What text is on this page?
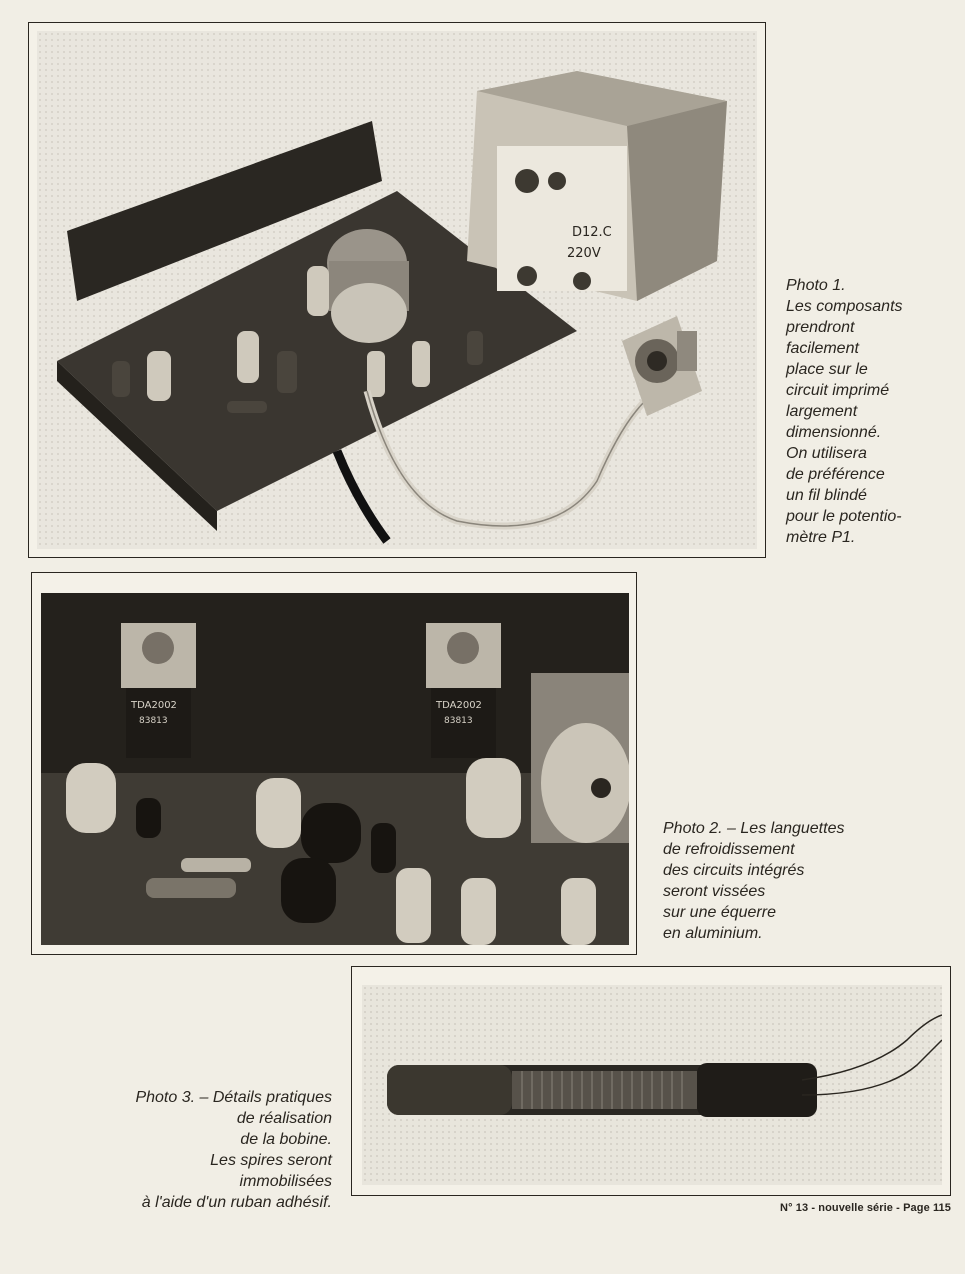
D12.C
220V
Photo 1.
Les composants
prendront
facilement
place sur le
circuit imprimé
largement
dimensionné.
On utilisera
de préférence
un fil blindé
pour le potentio-
mètre P1.
TDA2002
83813
TDA2002
83813
Photo 2. – Les languettes
de refroidissement
des circuits intégrés
seront vissées
sur une équerre
en aluminium.
Photo 3. – Détails pratiques
de réalisation
de la bobine.
Les spires seront
immobilisées
à l'aide d'un ruban adhésif.	N° 13 - nouvelle série - Page 115
